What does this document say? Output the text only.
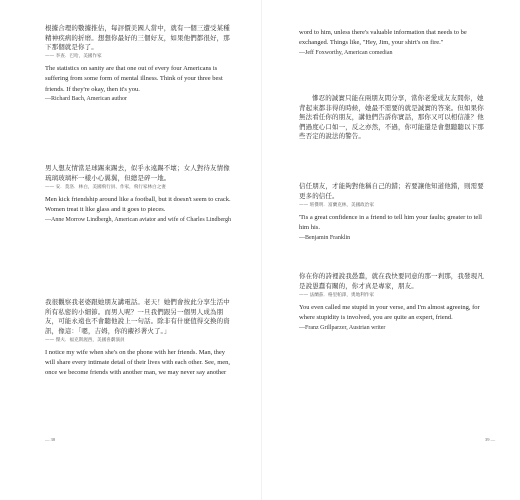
根據合理的數據推估，每評價美國人當中，就有一個三遭受某種精神疾病的折磨。想想你最好的三個好友，如果他們都很好，那下那個就是你了。

—— 李查．巴哈，美國作家

The statistics on sanity are that one out of every four Americans is suffering from some form of mental illness. Think of your three best friends. If they're okay, then it's you.

—Richard Bach, American author

男人想友情當足球踢來踢去，似乎永遠踢不壞；女人對待友情像琉璃玻璃杯一樣小心翼翼，但總是碎一地。

—— 安．莫洛．林白，美國飛行員、作家，飛行家林白之妻

Men kick friendship around like a football, but it doesn't seem to crack. Women treat it like glass and it goes to pieces.

—Anne Morrow Lindbergh, American aviator and wife of Charles Lindbergh

我很觀察我老婆跟她朋友講電話。老天！她們會按此分享生活中所有私密的小細節。而男人呢？一旦我們跟另一個男人成為朋友，可能永遠也不會聽他說上一句話。除非有什麼值得交換的資訊，像這：「嗯，吉姆，你的襯衫著火了。」

—— 傑夫．福克斯渥西，美國喜劇演員

I notice my wife when she's on the phone with her friends. Man, they will share every intimate detail of their lives with each other. See, men, once we become friends with another man, we may never say another

— 38

word to him, unless there's valuable information that needs to be exchanged. Things like, "Hey, Jim, your shirt's on fire."

—Jeff Foxworthy, American comedian

慘忍的誠實只能在兩朋友間分享，當你老愛成友友間你，她背起來都非得的時候，她最不需要的就是誠實的答案。但如果你無法看任你的朋友，講他們告訴你實話，那你又可以相信誰？他們過度心口如一，反之亦然，不過，你可能還是會想聽聽以下那些否定的說法的警告。

信任朋友，才能夠對他稱自己的錯；若要讓他知道他錯，則需要更多的信任。

—— 班傑明．富蘭克林，美國政治家

'Tis a great confidence in a friend to tell him your faults; greater to tell him his.

—Benjamin Franklin

你在你的詩裡說我愚蠢，就在我快要同意的那一剎那，我發現凡是說愚蠢有關的，你才真是專家，朋友。

—— 法蘭茲．格里帕澤，奧地利作家

You even called me stupid in your verse, and I'm almost agreeing, for where stupidity is involved, you are quite an expert, friend.

—Franz Grillparzer, Austrian writer

39 —
